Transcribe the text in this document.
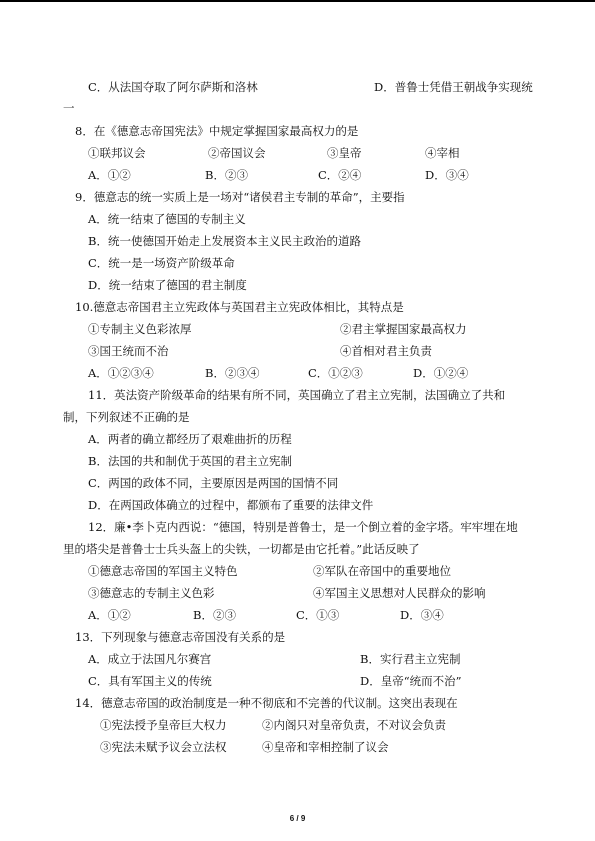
C．从法国夺取了阿尔萨斯和洛林	D．普鲁士凭借王朝战争实现统
一
8．在《德意志帝国宪法》中规定掌握国家最高权力的是
①联邦议会	②帝国议会	③皇帝	④宰相
A．①②	B．②③	C．②④	D．③④
9．德意志的统一实质上是一场对“诸侯君主专制的革命”，主要指
A．统一结束了德国的专制主义
B．统一使德国开始走上发展资本主义民主政治的道路
C．统一是一场资产阶级革命
D．统一结束了德国的君主制度
10.德意志帝国君主立宪政体与英国君主立宪政体相比，其特点是
①专制主义色彩浓厚	②君主掌握国家最高权力
③国王统而不治	④首相对君主负责
A．①②③④	B．②③④	C．①②③	D．①②④
11．英法资产阶级革命的结果有所不同，英国确立了君主立宪制，法国确立了共和
制，下列叙述不正确的是
A．两者的确立都经历了艰难曲折的历程
B．法国的共和制优于英国的君主立宪制
C．两国的政体不同，主要原因是两国的国情不同
D．在两国政体确立的过程中，都颁布了重要的法律文件
12．廉•李卜克内西说：“德国，特别是普鲁士，是一个倒立着的金字塔。牢牢埋在地
里的塔尖是普鲁士士兵头盔上的尖铁，一切都是由它托着。”此话反映了
①德意志帝国的军国主义特色	②军队在帝国中的重要地位
③德意志的专制主义色彩	④军国主义思想对人民群众的影响
A．①②	B．②③	C．①③	D．③④
13．下列现象与德意志帝国没有关系的是
A．成立于法国凡尔赛宫	B．实行君主立宪制
C．具有军国主义的传统	D．皇帝“统而不治”
14．德意志帝国的政治制度是一种不彻底和不完善的代议制。这突出表现在
①宪法授予皇帝巨大权力	②内阁只对皇帝负责，不对议会负责
③宪法未赋予议会立法权	④皇帝和宰相控制了议会
6 / 9
